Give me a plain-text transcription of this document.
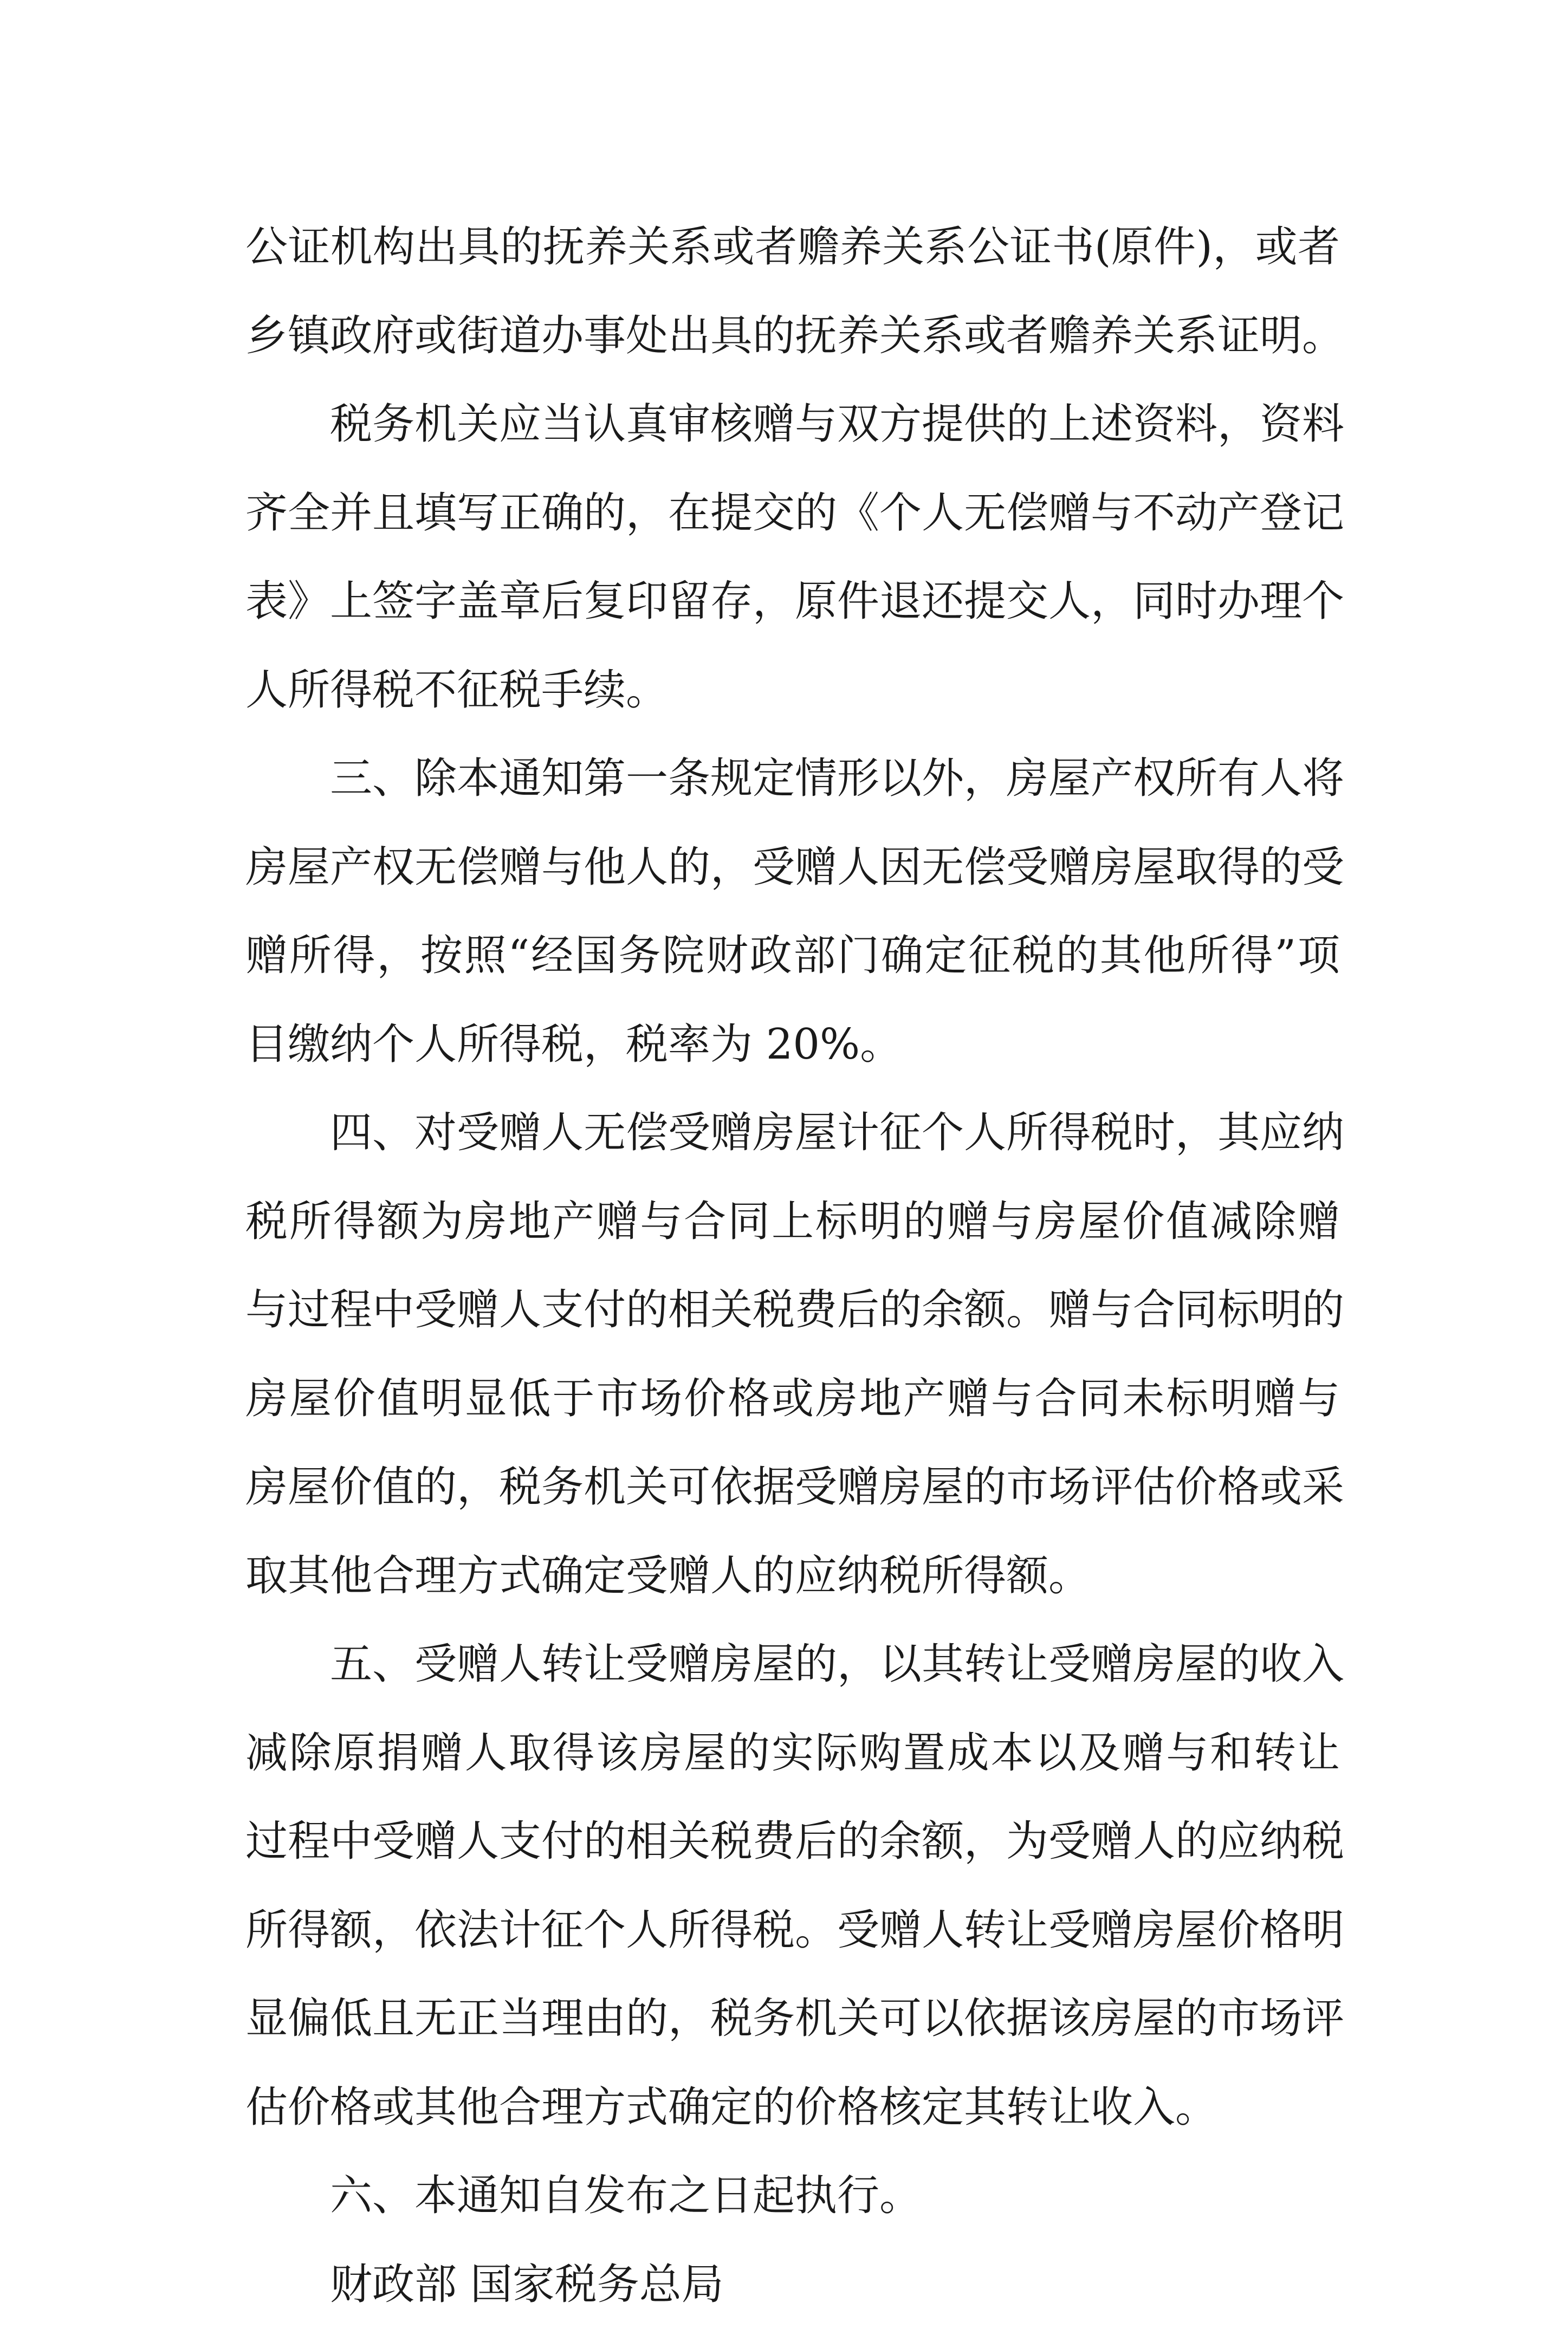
公证机构出具的抚养关系或者赡养关系公证书(原件)，或者
乡镇政府或街道办事处出具的抚养关系或者赡养关系证明。
税务机关应当认真审核赠与双方提供的上述资料，资料
齐全并且填写正确的，在提交的《个人无偿赠与不动产登记
表》上签字盖章后复印留存，原件退还提交人，同时办理个
人所得税不征税手续。
三、除本通知第一条规定情形以外，房屋产权所有人将
房屋产权无偿赠与他人的，受赠人因无偿受赠房屋取得的受
赠所得，按照“经国务院财政部门确定征税的其他所得”项
目缴纳个人所得税，税率为 20%。
四、对受赠人无偿受赠房屋计征个人所得税时，其应纳
税所得额为房地产赠与合同上标明的赠与房屋价值减除赠
与过程中受赠人支付的相关税费后的余额。赠与合同标明的
房屋价值明显低于市场价格或房地产赠与合同未标明赠与
房屋价值的，税务机关可依据受赠房屋的市场评估价格或采
取其他合理方式确定受赠人的应纳税所得额。
五、受赠人转让受赠房屋的，以其转让受赠房屋的收入
减除原捐赠人取得该房屋的实际购置成本以及赠与和转让
过程中受赠人支付的相关税费后的余额，为受赠人的应纳税
所得额，依法计征个人所得税。受赠人转让受赠房屋价格明
显偏低且无正当理由的，税务机关可以依据该房屋的市场评
估价格或其他合理方式确定的价格核定其转让收入。
六、本通知自发布之日起执行。
财政部 国家税务总局
